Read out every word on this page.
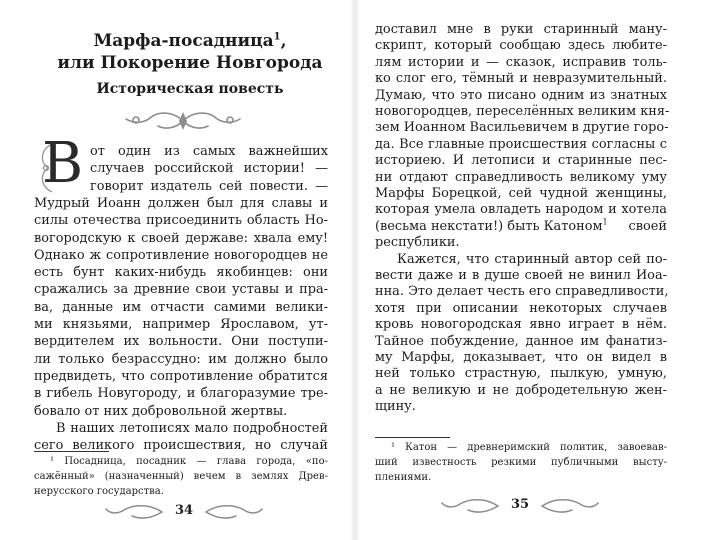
Марфа-посадница$^1$,
или Покорение Новгорода
Историческая повесть
В от один из самых важнейших

случаев российской истории! —

говорит издатель сей повести. —

Мудрый Иоанн должен был для славы и

силы отечества присоединить область Но-

вогородскую к своей державе: хвала ему!

Однако ж сопротивление новогородцев не

есть бунт каких-нибудь якобинцев: они

сражались за древние свои уставы и пра-

ва, данные им отчасти самими велики-

ми князьями, например Ярославом, ут-

вердителем их вольности. Они поступи-

ли только безрассудно: им должно было

предвидеть, что сопротивление обратится

в гибель Новугороду, и благоразумие тре-

бовало от них добровольной жертвы.

В наших летописях мало подробностей

сего великого происшествия, но случай

¹ Посадница, посадник — глава города, «по-

сажённый» (назначенный) вечем в землях Древ-

нерусского государства.

доставил мне в руки старинный ману-

скрипт, который сообщаю здесь любите-

лям истории и — сказок, исправив толь-

ко слог его, тёмный и невразумительный.

Думаю, что это писано одним из знатных

новогородцев, переселённых великим кня-

зем Иоанном Васильевичем в другие горо-

да. Все главные происшествия согласны с

историею. И летописи и старинные пес-

ни отдают справедливость великому уму

Марфы Борецкой, сей чудной женщины,

которая умела овладеть народом и хотела

(весьма некстати!) быть Катоном$^1$ своей

республики.

Кажется, что старинный автор сей по-

вести даже и в душе своей не винил Иоа-

нна. Это делает честь его справедливости,

хотя при описании некоторых случаев

кровь новогородская явно играет в нём.

Тайное побуждение, данное им фанатиз-

му Марфы, доказывает, что он видел в

ней только страстную, пылкую, умную,

а не великую и не добродетельную жен-

щину.

¹ Катон — древнеримский политик, завоевав-

ший известность резкими публичными высту-

плениями.

34	35
